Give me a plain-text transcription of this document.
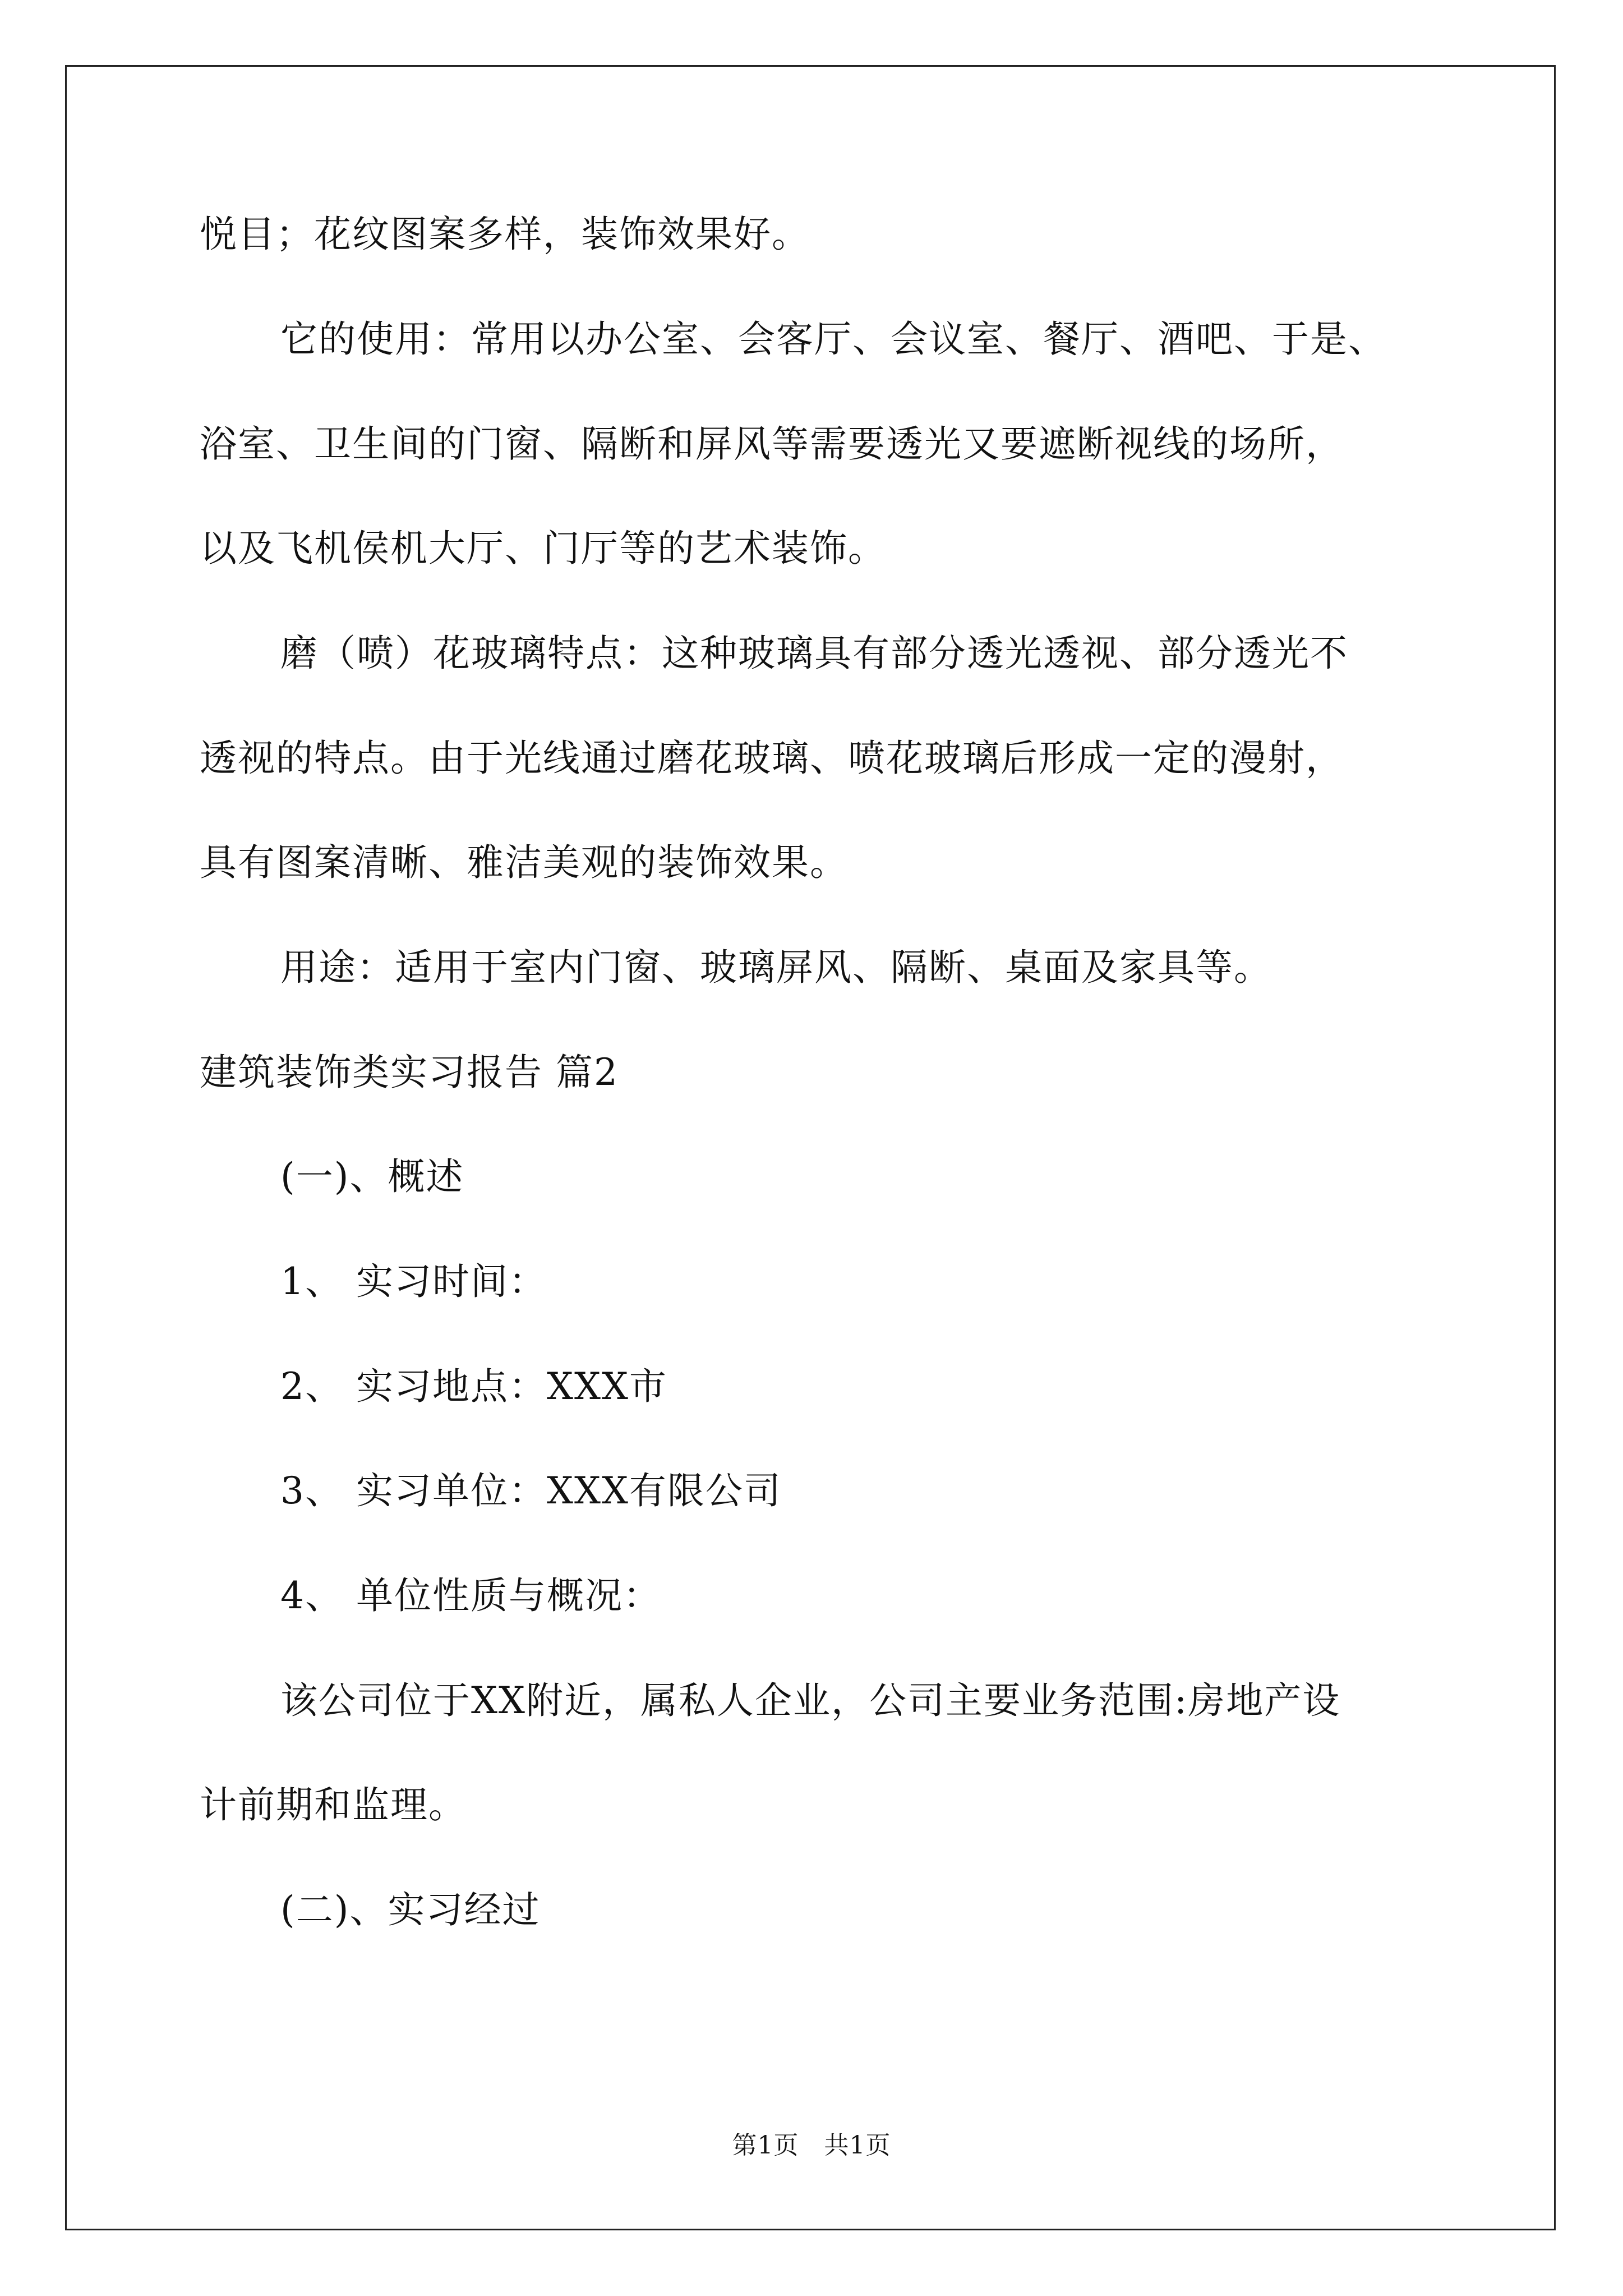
悦目；花纹图案多样，装饰效果好。
它的使用：常用以办公室、会客厅、会议室、餐厅、酒吧、于是、
浴室、卫生间的门窗、隔断和屏风等需要透光又要遮断视线的场所，
以及飞机侯机大厅、门厅等的艺术装饰。
磨（喷）花玻璃特点：这种玻璃具有部分透光透视、部分透光不
透视的特点。由于光线通过磨花玻璃、喷花玻璃后形成一定的漫射，
具有图案清晰、雅洁美观的装饰效果。
用途：适用于室内门窗、玻璃屏风、隔断、桌面及家具等。
建筑装饰类实习报告 篇2
(一)、概述
1、 实习时间：
2、 实习地点：XXX市
3、 实习单位：XXX有限公司
4、 单位性质与概况：
该公司位于XX附近，属私人企业，公司主要业务范围:房地产设
计前期和监理。
(二)、实习经过
第1页　共1页
